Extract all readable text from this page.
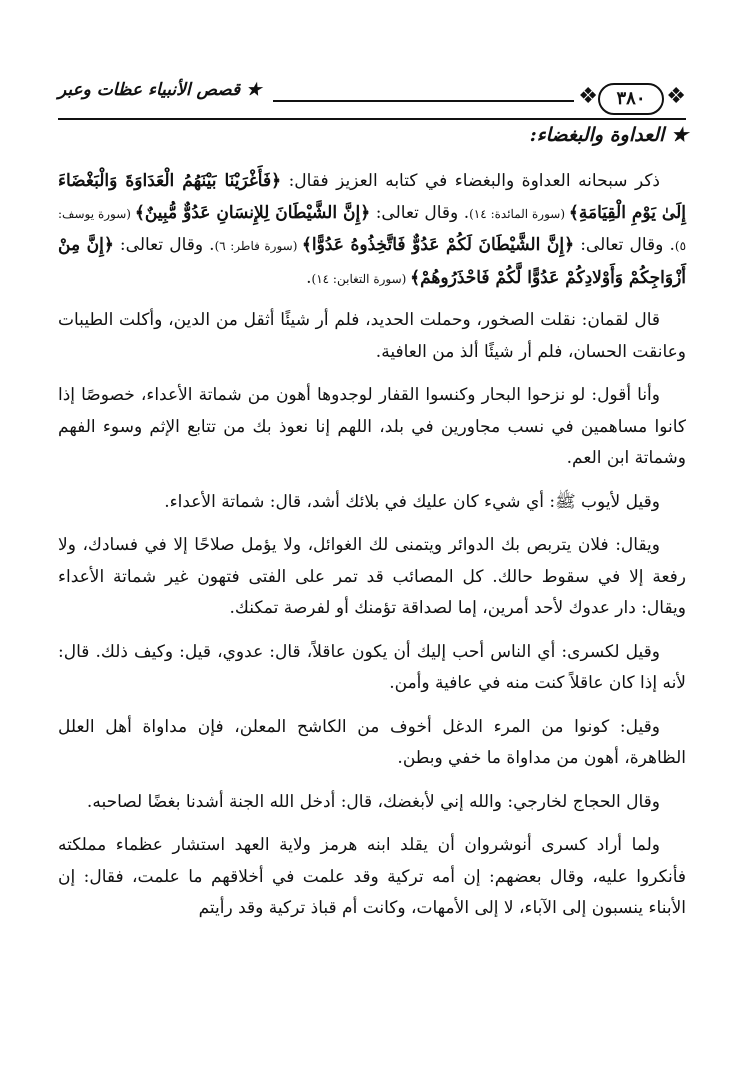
❖
٣٨٠
❖
★قصص الأنبياء عظات وعبر
★ العداوة والبغضاء:

ذكر سبحانه العداوة والبغضاء في كتابه العزيز فقال: ﴿فَأَغْرَيْنَا بَيْنَهُمُ الْعَدَاوَةَ وَالْبَغْضَاءَ إِلَىٰ يَوْمِ الْقِيَامَةِ﴾ (سورة المائدة: ١٤). وقال تعالى: ﴿إِنَّ الشَّيْطَانَ لِلإِنسَانِ عَدُوٌّ مُّبِينٌ﴾ (سورة يوسف: ٥). وقال تعالى: ﴿إِنَّ الشَّيْطَانَ لَكُمْ عَدُوٌّ فَاتَّخِذُوهُ عَدُوًّا﴾ (سورة فاطر: ٦). وقال تعالى: ﴿إِنَّ مِنْ أَزْوَاجِكُمْ وَأَوْلادِكُمْ عَدُوًّا لَّكُمْ فَاحْذَرُوهُمْ﴾ (سورة التغابن: ١٤).

قال لقمان: نقلت الصخور، وحملت الحديد، فلم أر شيئًا أثقل من الدين، وأكلت الطيبات وعانقت الحسان، فلم أر شيئًا ألذ من العافية.

وأنا أقول: لو نزحوا البحار وكنسوا القفار لوجدوها أهون من شماتة الأعداء، خصوصًا إذا كانوا مساهمين في نسب مجاورين في بلد، اللهم إنا نعوذ بك من تتابع الإثم وسوء الفهم وشماتة ابن العم.

وقيل لأيوب ﷺ: أي شيء كان عليك في بلائك أشد، قال: شماتة الأعداء.

ويقال: فلان يتربص بك الدوائر ويتمنى لك الغوائل، ولا يؤمل صلاحًا إلا في فسادك، ولا رفعة إلا في سقوط حالك. كل المصائب قد تمر على الفتى فتهون غير شماتة الأعداء ويقال: دار عدوك لأحد أمرين، إما لصداقة تؤمنك أو لفرصة تمكنك.

وقيل لكسرى: أي الناس أحب إليك أن يكون عاقلاً، قال: عدوي، قيل: وكيف ذلك. قال: لأنه إذا كان عاقلاً كنت منه في عافية وأمن.

وقيل: كونوا من المرء الدغل أخوف من الكاشح المعلن، فإن مداواة أهل العلل الظاهرة، أهون من مداواة ما خفي وبطن.

وقال الحجاج لخارجي: والله إني لأبغضك، قال: أدخل الله الجنة أشدنا بغضًا لصاحبه.

ولما أراد كسرى أنوشروان أن يقلد ابنه هرمز ولاية العهد استشار عظماء مملكته فأنكروا عليه، وقال بعضهم: إن أمه تركية وقد علمت في أخلاقهم ما علمت، فقال: إن الأبناء ينسبون إلى الآباء، لا إلى الأمهات، وكانت أم قباذ تركية وقد رأيتم
